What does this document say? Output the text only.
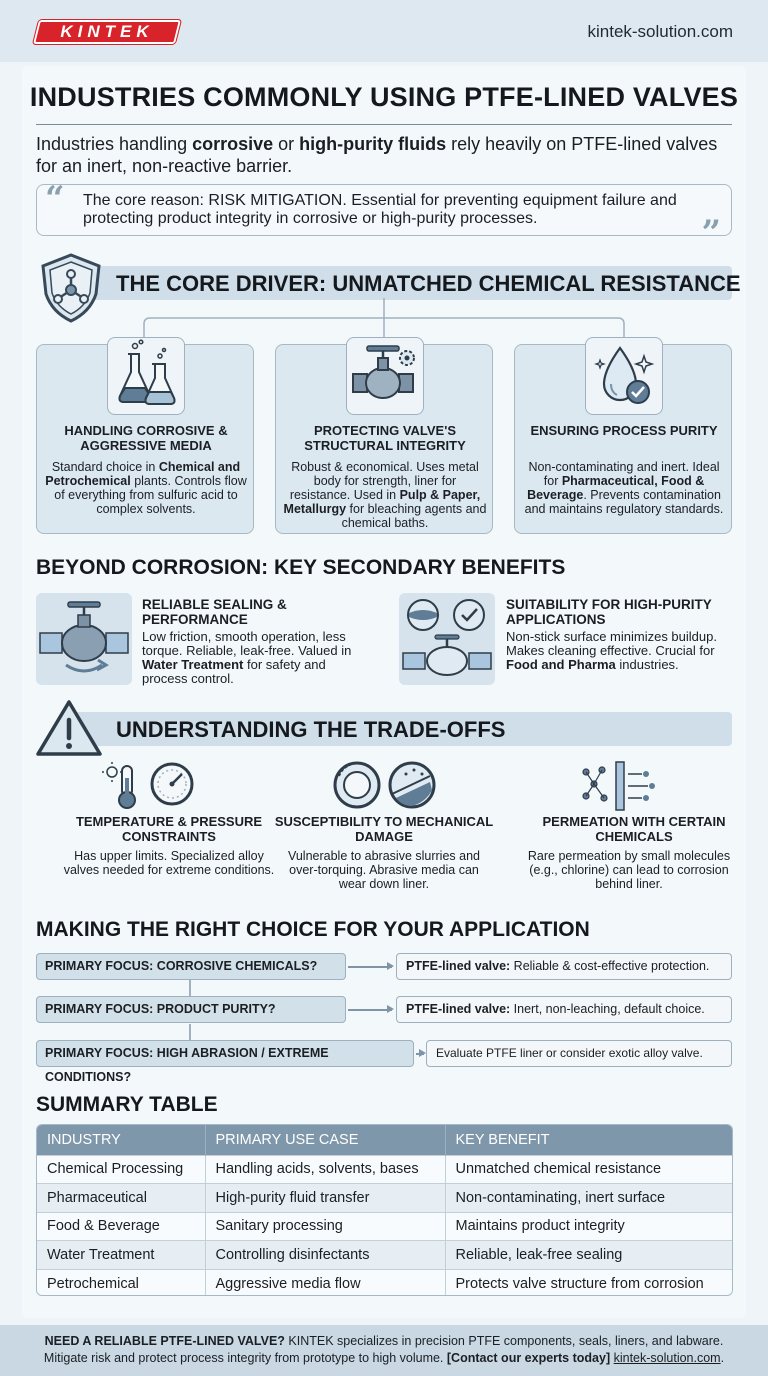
KINTEK	kintek-solution.com
INDUSTRIES COMMONLY USING PTFE-LINED VALVES
Industries handling corrosive or high-purity fluids rely heavily on PTFE-lined valves for an inert, non-reactive barrier.
“ The core reason: RISK MITIGATION. Essential for preventing equipment failure and protecting product integrity in corrosive or high-purity processes.	”
THE CORE DRIVER: UNMATCHED CHEMICAL RESISTANCE
HANDLING CORROSIVE & AGGRESSIVE MEDIA
Standard choice in Chemical and Petrochemical plants. Controls flow of everything from sulfuric acid to complex solvents.
PROTECTING VALVE'S STRUCTURAL INTEGRITY
Robust & economical. Uses metal body for strength, liner for resistance. Used in Pulp & Paper, Metallurgy for bleaching agents and chemical baths.
ENSURING PROCESS PURITY
Non-contaminating and inert. Ideal for Pharmaceutical, Food & Beverage. Prevents contamination and maintains regulatory standards.
BEYOND CORROSION: KEY SECONDARY BENEFITS
RELIABLE SEALING & PERFORMANCE
Low friction, smooth operation, less torque. Reliable, leak-free. Valued in Water Treatment for safety and process control.
SUITABILITY FOR HIGH-PURITY APPLICATIONS
Non-stick surface minimizes buildup. Makes cleaning effective. Crucial for Food and Pharma industries.
UNDERSTANDING THE TRADE-OFFS
TEMPERATURE & PRESSURE CONSTRAINTS
Has upper limits. Specialized alloy valves needed for extreme conditions.
SUSCEPTIBILITY TO MECHANICAL DAMAGE
Vulnerable to abrasive slurries and over-torquing. Abrasive media can wear down liner.
PERMEATION WITH CERTAIN CHEMICALS
Rare permeation by small molecules (e.g., chlorine) can lead to corrosion behind liner.
MAKING THE RIGHT CHOICE FOR YOUR APPLICATION
PRIMARY FOCUS: CORROSIVE CHEMICALS?	PTFE-lined valve: Reliable & cost-effective protection.
PRIMARY FOCUS: PRODUCT PURITY?	PTFE-lined valve: Inert, non-leaching, default choice.
PRIMARY FOCUS: HIGH ABRASION / EXTREME CONDITIONS?
Evaluate PTFE liner or consider exotic alloy valve.
SUMMARY TABLE
INDUSTRY	PRIMARY USE CASE	KEY BENEFIT
Chemical Processing	Handling acids, solvents, bases	Unmatched chemical resistance
Pharmaceutical	High-purity fluid transfer	Non-contaminating, inert surface
Food & Beverage	Sanitary processing	Maintains product integrity
Water Treatment	Controlling disinfectants	Reliable, leak-free sealing
Petrochemical	Aggressive media flow	Protects valve structure from corrosion
NEED A RELIABLE PTFE-LINED VALVE? KINTEK specializes in precision PTFE components, seals, liners, and labware.
Mitigate risk and protect process integrity from prototype to high volume. [Contact our experts today] kintek-solution.com.
